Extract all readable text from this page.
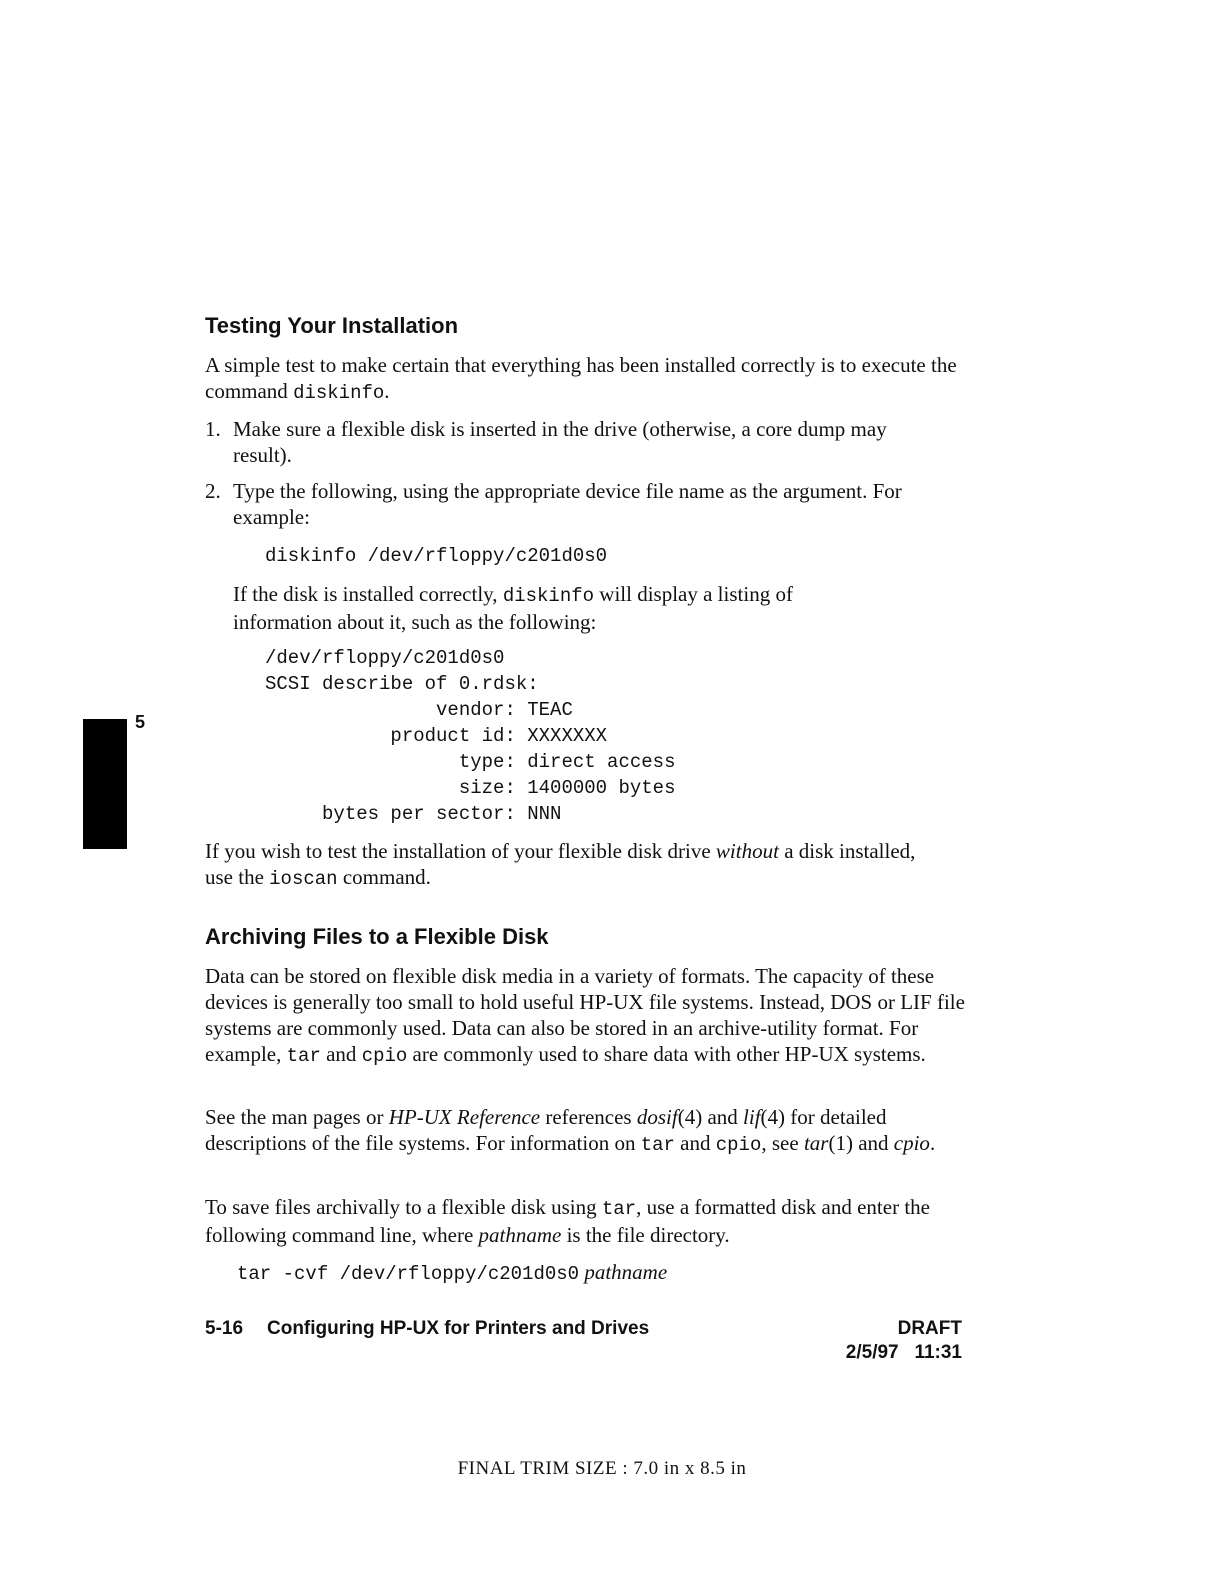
5
Testing Your Installation

A simple test to make certain that everything has been installed correctly is to execute the command diskinfo.

1. Make sure a flexible disk is inserted in the drive (otherwise, a core dump may result).

2. Type the following, using the appropriate device file name as the argument. For example:

diskinfo /dev/rfloppy/c201d0s0

If the disk is installed correctly, diskinfo will display a listing of information about it, such as the following:

/dev/rfloppy/c201d0s0
SCSI describe of 0.rdsk:
vendor: TEAC
product id: XXXXXXX
type: direct access
size: 1400000 bytes
bytes per sector: NNN

If you wish to test the installation of your flexible disk drive without a disk installed, use the ioscan command.

Archiving Files to a Flexible Disk

Data can be stored on flexible disk media in a variety of formats. The capacity of these devices is generally too small to hold useful HP-UX file systems. Instead, DOS or LIF file systems are commonly used. Data can also be stored in an archive-utility format. For example, tar and cpio are commonly used to share data with other HP-UX systems.

See the man pages or HP-UX Reference references dosif(4) and lif(4) for detailed descriptions of the file systems. For information on tar and cpio, see tar(1) and cpio.

To save files archivally to a flexible disk using tar, use a formatted disk and enter the following command line, where pathname is the file directory.

tar -cvf /dev/rfloppy/c201d0s0 pathname
5-16 Configuring HP-UX for Printers and Drives	DRAFT
2/5/97 11:31
FINAL TRIM SIZE : 7.0 in x 8.5 in
